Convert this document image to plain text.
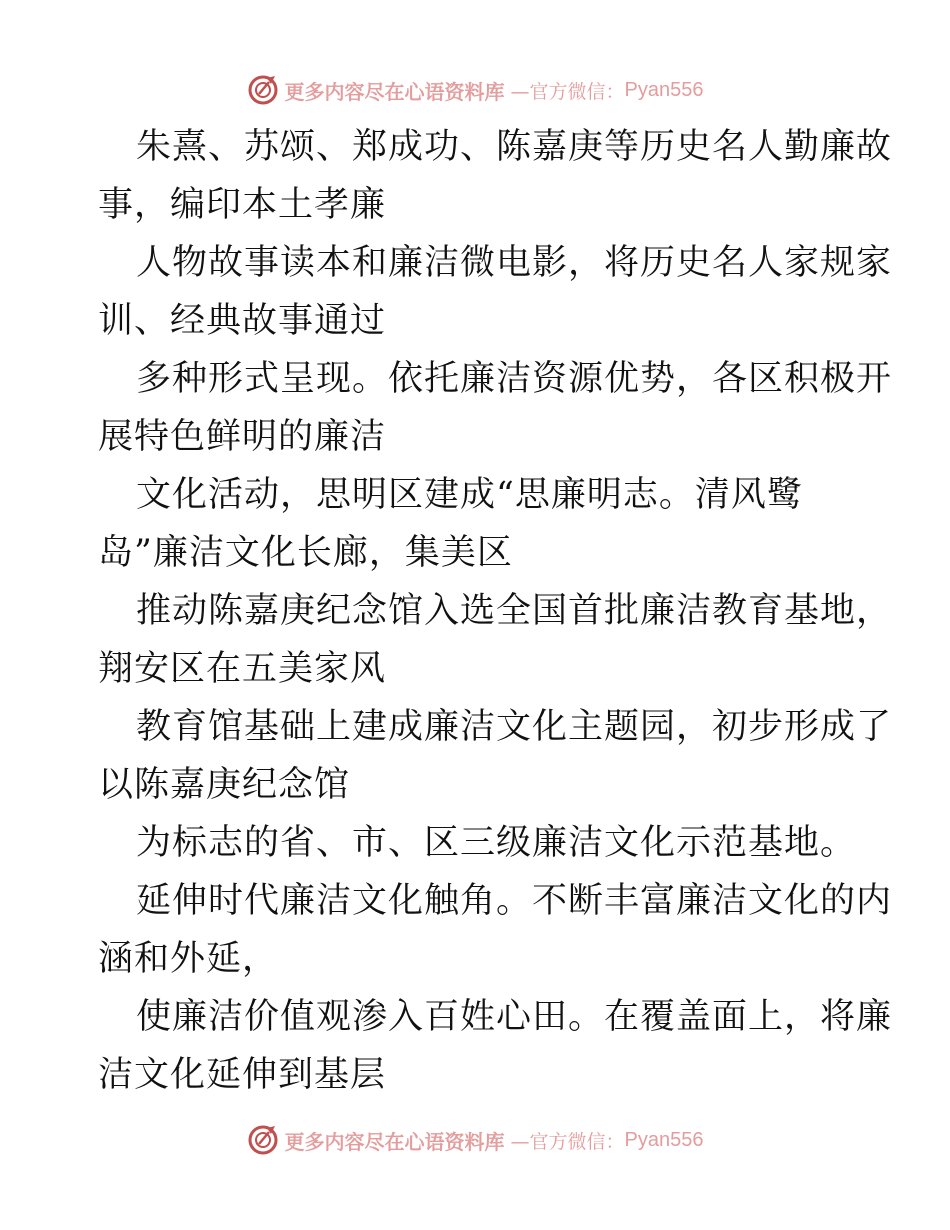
更多内容尽在心语资料库 —官方微信： Pyan556
朱熹、苏颂、郑成功、陈嘉庚等历史名人勤廉故
事，编印本土孝廉
人物故事读本和廉洁微电影，将历史名人家规家
训、经典故事通过
多种形式呈现。依托廉洁资源优势，各区积极开
展特色鲜明的廉洁
文化活动，思明区建成“思廉明志。清风鹭
岛”廉洁文化长廊，集美区
推动陈嘉庚纪念馆入选全国首批廉洁教育基地，
翔安区在五美家风
教育馆基础上建成廉洁文化主题园，初步形成了
以陈嘉庚纪念馆
为标志的省、市、区三级廉洁文化示范基地。
延伸时代廉洁文化触角。不断丰富廉洁文化的内
涵和外延，
使廉洁价值观渗入百姓心田。在覆盖面上，将廉
洁文化延伸到基层
更多内容尽在心语资料库 —官方微信： Pyan556
